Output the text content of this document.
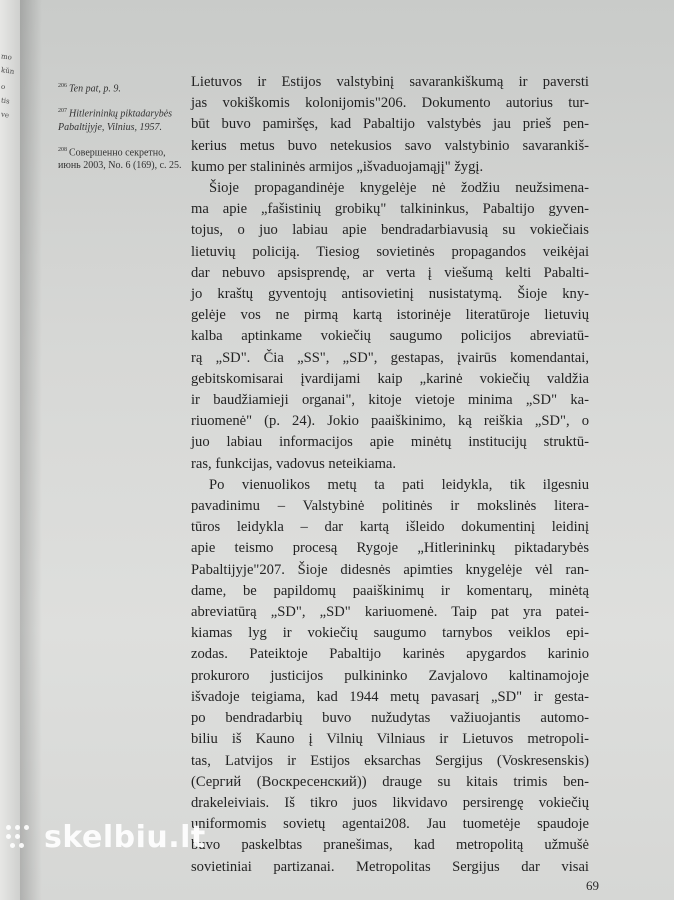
mo
kŭn
o
tis
ve
$^{206}$ Ten pat, p. 9.
$^{207}$ Hitlerininkų piktadarybės Pabaltijyje, Vilnius, 1957.
$^{208}$ Совершенно секретно, июнь 2003, No. 6 (169), c. 25.
Lietuvos ir Estijos valstybinį savarankiškumą ir paversti
jas vokiškomis kolonijomis"206. Dokumento autorius tur-
būt buvo pamiršęs, kad Pabaltijo valstybės jau prieš pen-
kerius metus buvo netekusios savo valstybinio savarankiš-
kumo per stalininės armijos „išvaduojamąjį" žygį.
Šioje propagandinėje knygelėje nė žodžiu neužsimena-
ma apie „fašistinių grobikų" talkininkus, Pabaltijo gyven-
tojus, o juo labiau apie bendradarbiavusią su vokiečiais
lietuvių policiją. Tiesiog sovietinės propagandos veikėjai
dar nebuvo apsisprendę, ar verta į viešumą kelti Pabalti-
jo kraštų gyventojų antisovietinį nusistatymą. Šioje kny-
gelėje vos ne pirmą kartą istorinėje literatūroje lietuvių
kalba aptinkame vokiečių saugumo policijos abreviatū-
rą „SD". Čia „SS", „SD", gestapas, įvairūs komendantai,
gebitskomisarai įvardijami kaip „karinė vokiečių valdžia
ir baudžiamieji organai", kitoje vietoje minima „SD" ka-
riuomenė" (p. 24). Jokio paaiškinimo, ką reiškia „SD", o
juo labiau informacijos apie minėtų institucijų struktū-
ras, funkcijas, vadovus neteikiama.
Po vienuolikos metų ta pati leidykla, tik ilgesniu
pavadinimu – Valstybinė politinės ir mokslinės litera-
tūros leidykla – dar kartą išleido dokumentinį leidinį
apie teismo procesą Rygoje „Hitlerininkų piktadarybės
Pabaltijyje"207. Šioje didesnės apimties knygelėje vėl ran-
dame, be papildomų paaiškinimų ir komentarų, minėtą
abreviatūrą „SD", „SD" kariuomenė. Taip pat yra patei-
kiamas lyg ir vokiečių saugumo tarnybos veiklos epi-
zodas. Pateiktoje Pabaltijo karinės apygardos karinio
prokuroro justicijos pulkininko Zavjalovo kaltinamojoje
išvadoje teigiama, kad 1944 metų pavasarį „SD" ir gesta-
po bendradarbių buvo nužudytas važiuojantis automo-
biliu iš Kauno į Vilnių Vilniaus ir Lietuvos metropoli-
tas, Latvijos ir Estijos eksarchas Sergijus (Voskresenskis)
(Сергий (Воскресенский)) drauge su kitais trimis ben-
drakeleiviais. Iš tikro juos likvidavo persirengę vokiečių
uniformomis sovietų agentai208. Jau tuometėje spaudoje
buvo paskelbtas pranešimas, kad metropolitą užmušė
sovietiniai partizanai. Metropolitas Sergijus dar visai
69
skelbiu.lt
